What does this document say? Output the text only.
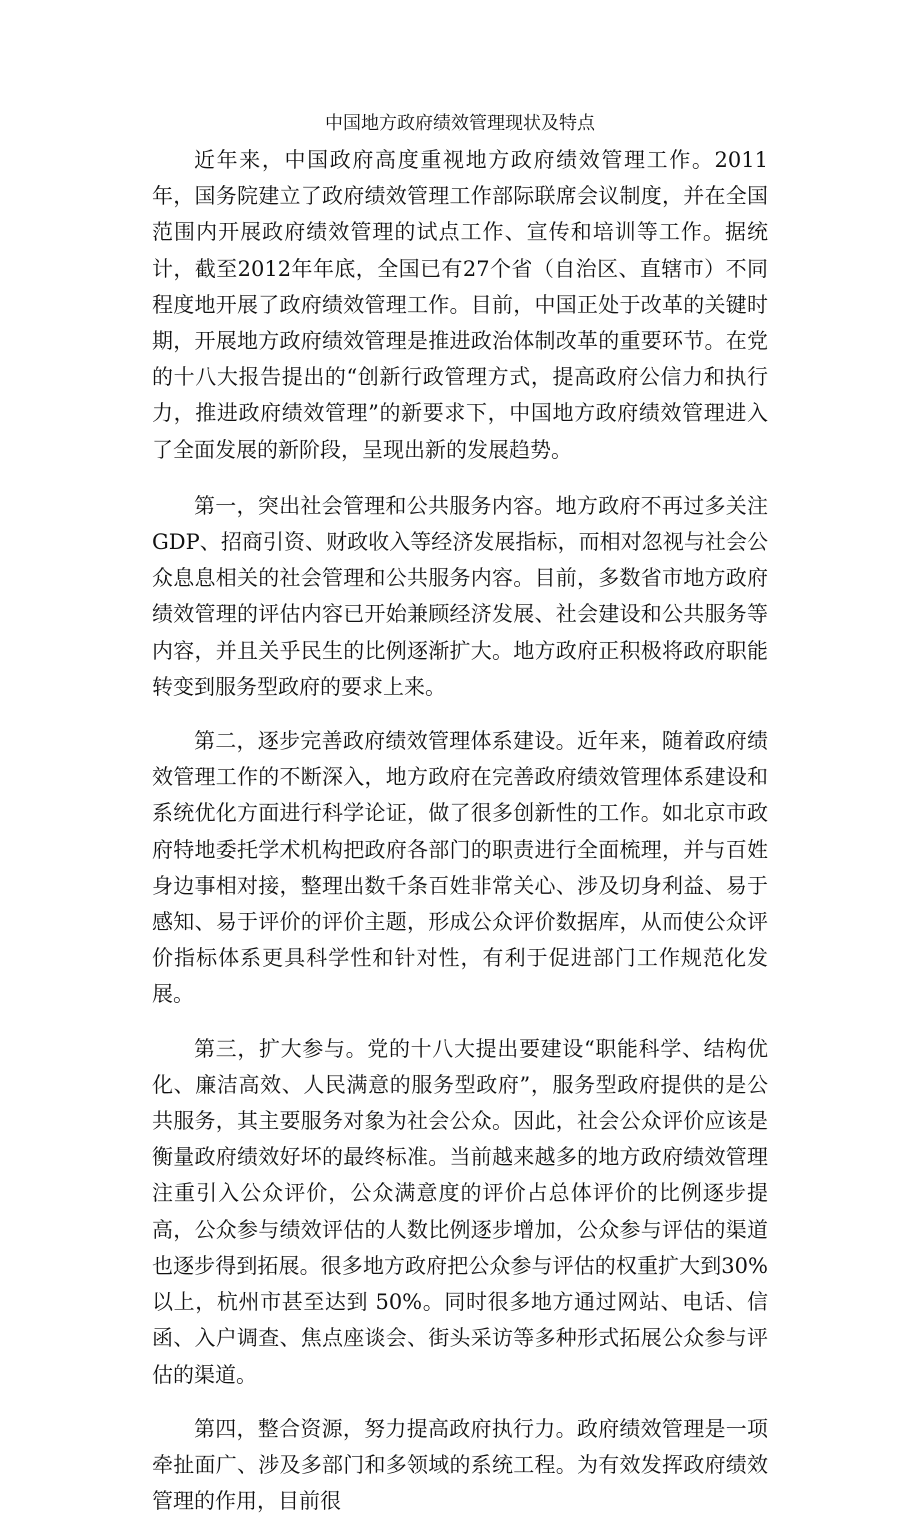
中国地方政府绩效管理现状及特点

近年来，中国政府高度重视地方政府绩效管理工作。2011年，国务院建立了政府绩效管理工作部际联席会议制度，并在全国范围内开展政府绩效管理的试点工作、宣传和培训等工作。据统计，截至2012年年底，全国已有27个省（自治区、直辖市）不同程度地开展了政府绩效管理工作。目前，中国正处于改革的关键时期，开展地方政府绩效管理是推进政治体制改革的重要环节。在党的十八大报告提出的“创新行政管理方式，提高政府公信力和执行力，推进政府绩效管理”的新要求下，中国地方政府绩效管理进入了全面发展的新阶段，呈现出新的发展趋势。

第一，突出社会管理和公共服务内容。地方政府不再过多关注GDP、招商引资、财政收入等经济发展指标，而相对忽视与社会公众息息相关的社会管理和公共服务内容。目前，多数省市地方政府绩效管理的评估内容已开始兼顾经济发展、社会建设和公共服务等内容，并且关乎民生的比例逐渐扩大。地方政府正积极将政府职能转变到服务型政府的要求上来。

第二，逐步完善政府绩效管理体系建设。近年来，随着政府绩效管理工作的不断深入，地方政府在完善政府绩效管理体系建设和系统优化方面进行科学论证，做了很多创新性的工作。如北京市政府特地委托学术机构把政府各部门的职责进行全面梳理，并与百姓身边事相对接，整理出数千条百姓非常关心、涉及切身利益、易于感知、易于评价的评价主题，形成公众评价数据库，从而使公众评价指标体系更具科学性和针对性，有利于促进部门工作规范化发展。

第三，扩大参与。党的十八大提出要建设“职能科学、结构优化、廉洁高效、人民满意的服务型政府”，服务型政府提供的是公共服务，其主要服务对象为社会公众。因此，社会公众评价应该是衡量政府绩效好坏的最终标准。当前越来越多的地方政府绩效管理注重引入公众评价，公众满意度的评价占总体评价的比例逐步提高，公众参与绩效评估的人数比例逐步增加，公众参与评估的渠道也逐步得到拓展。很多地方政府把公众参与评估的权重扩大到30%以上，杭州市甚至达到 50%。同时很多地方通过网站、电话、信函、入户调查、焦点座谈会、街头采访等多种形式拓展公众参与评估的渠道。

第四，整合资源，努力提高政府执行力。政府绩效管理是一项牵扯面广、涉及多部门和多领域的系统工程。为有效发挥政府绩效管理的作用，目前很
